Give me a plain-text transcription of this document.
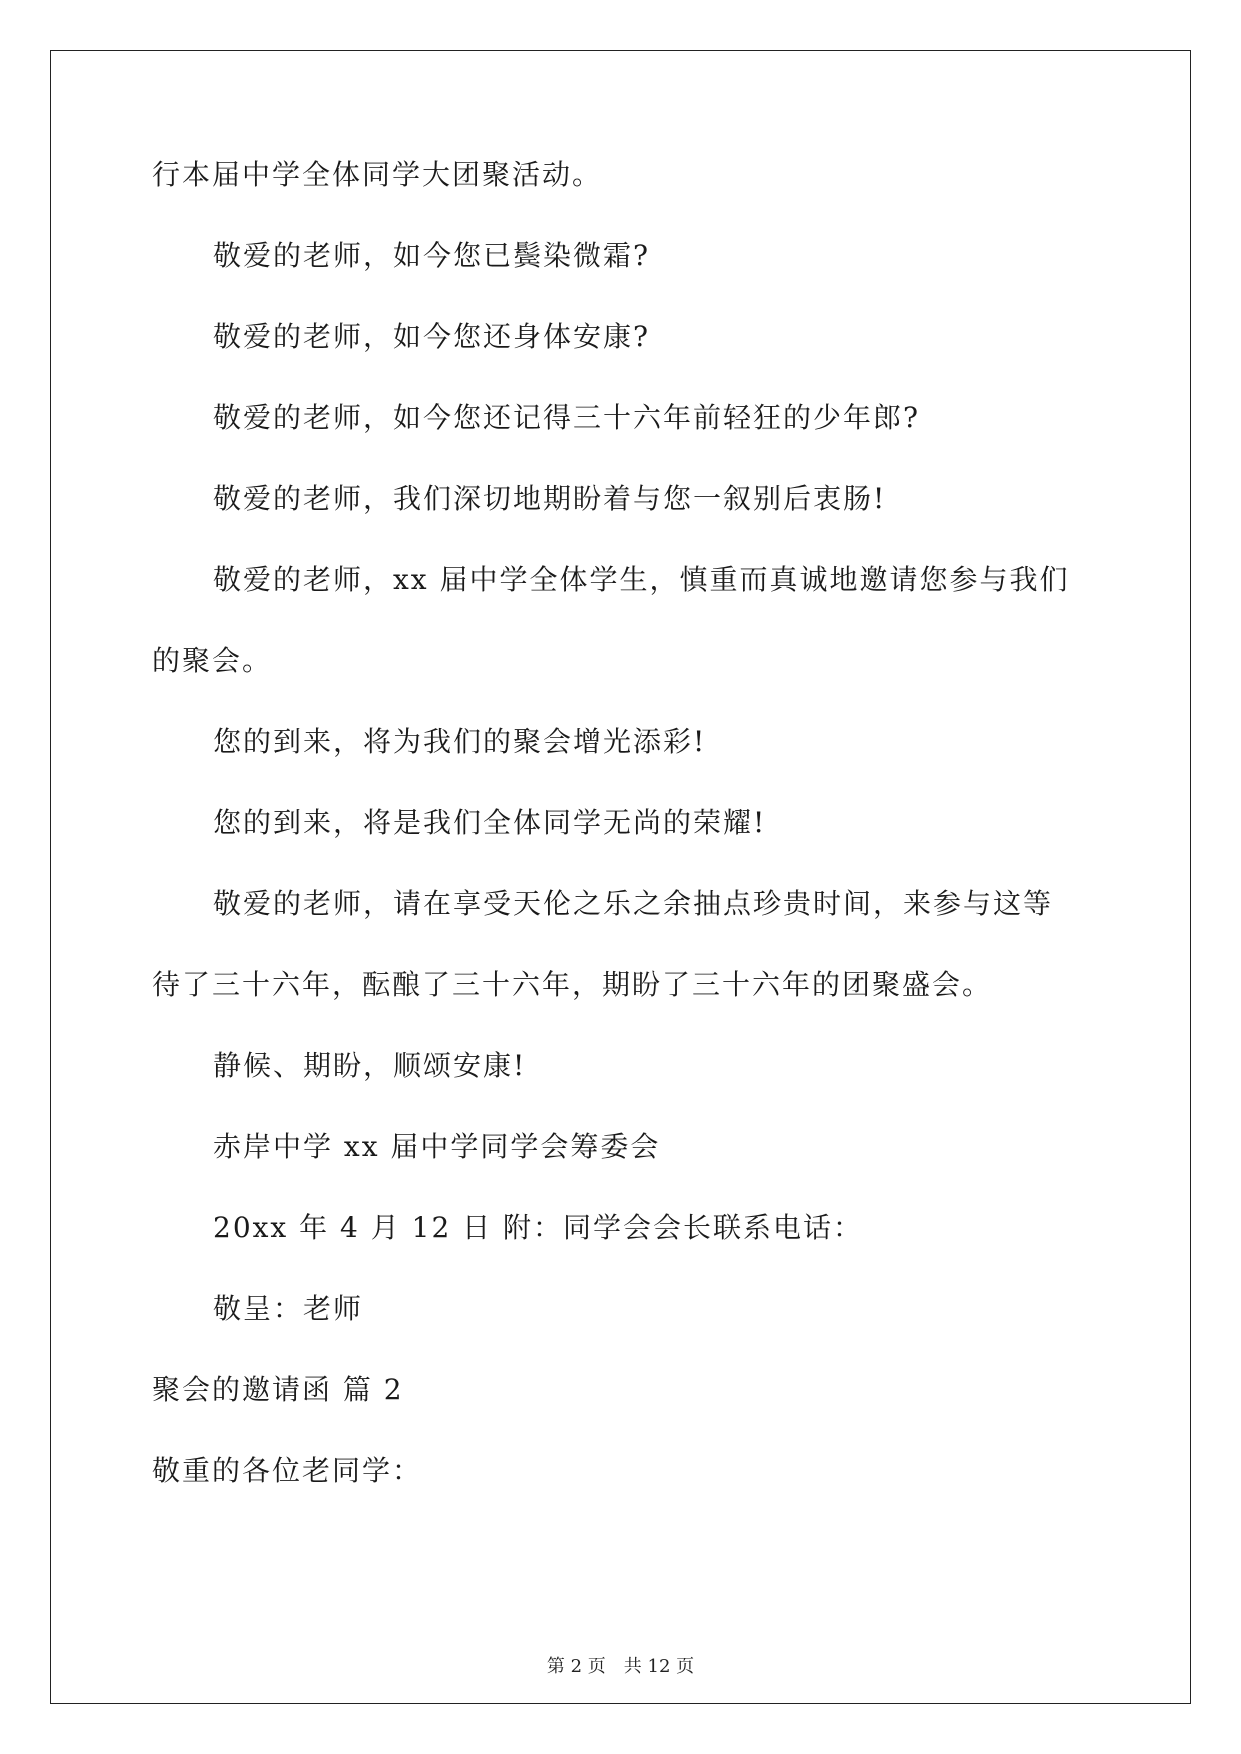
行本届中学全体同学大团聚活动。
敬爱的老师，如今您已鬓染微霜?
敬爱的老师，如今您还身体安康?
敬爱的老师，如今您还记得三十六年前轻狂的少年郎?
敬爱的老师，我们深切地期盼着与您一叙别后衷肠!
敬爱的老师，xx 届中学全体学生，慎重而真诚地邀请您参与我们
的聚会。
您的到来，将为我们的聚会增光添彩!
您的到来，将是我们全体同学无尚的荣耀!
敬爱的老师，请在享受天伦之乐之余抽点珍贵时间，来参与这等
待了三十六年，酝酿了三十六年，期盼了三十六年的团聚盛会。
静候、期盼，顺颂安康!
赤岸中学 xx 届中学同学会筹委会
20xx 年 4 月 12 日 附：同学会会长联系电话：
敬呈：老师
聚会的邀请函 篇 2
敬重的各位老同学：
第 2 页　共 12 页
